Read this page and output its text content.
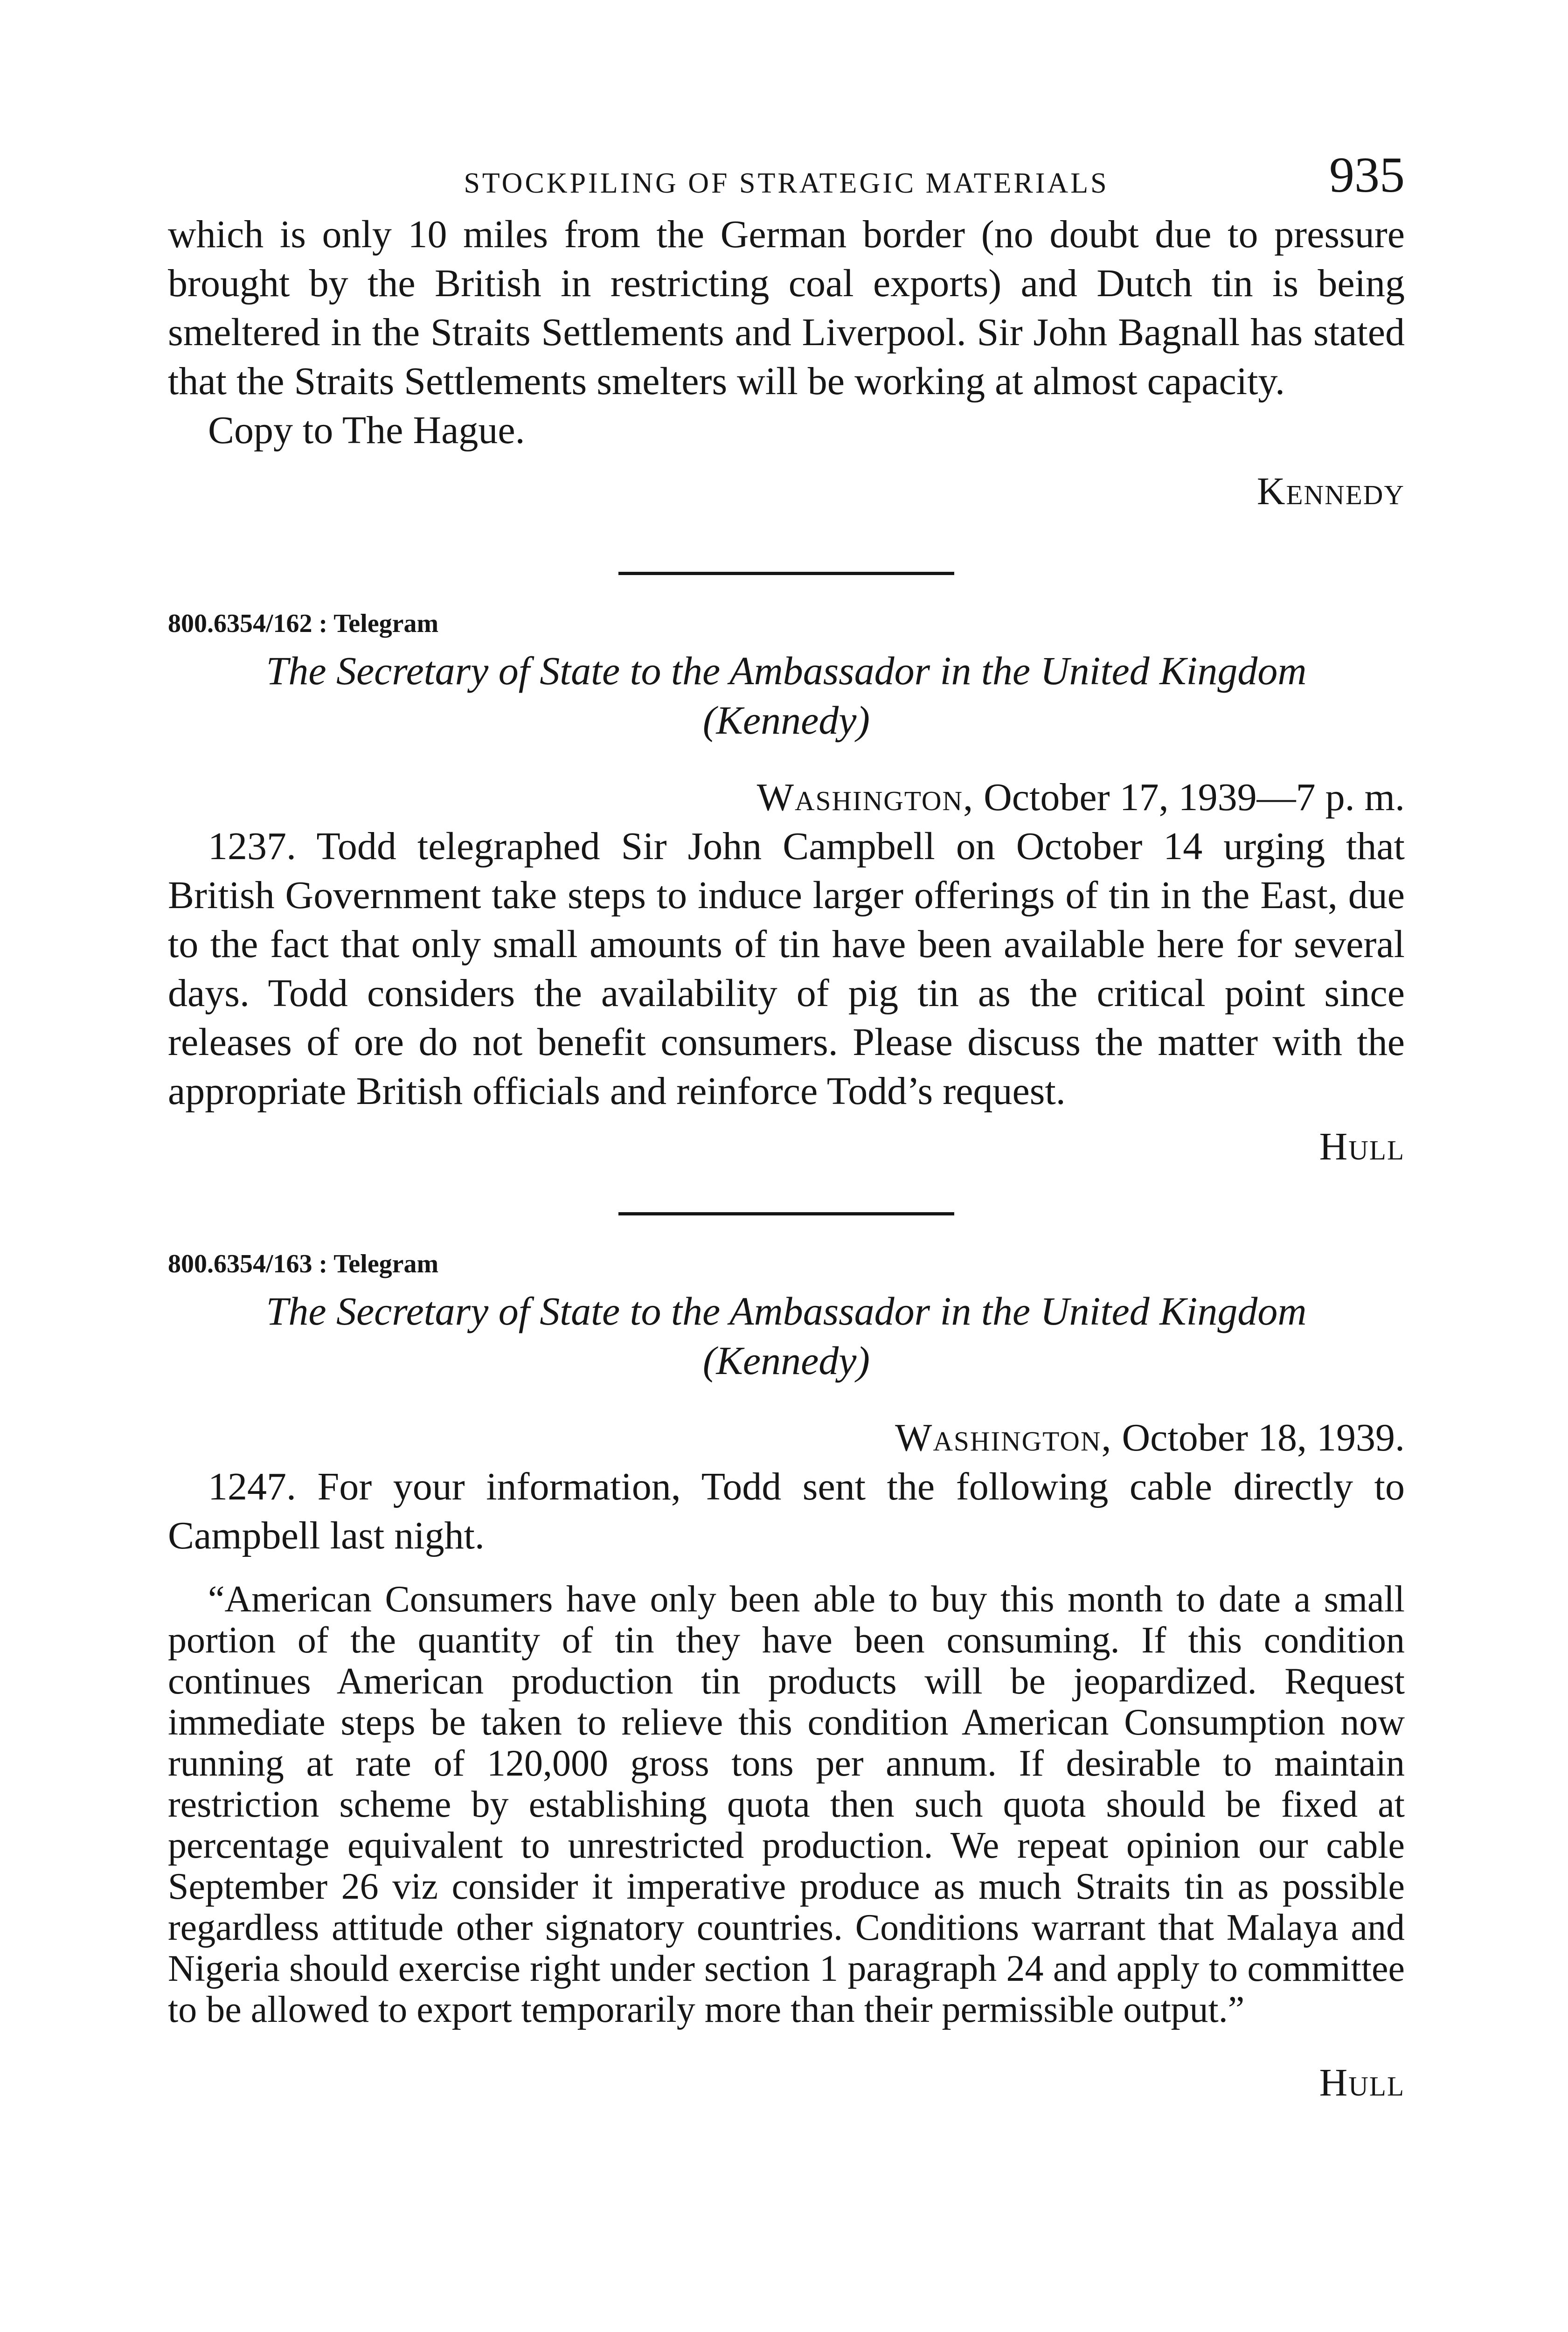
STOCKPILING OF STRATEGIC MATERIALS	935

which is only 10 miles from the German border (no doubt due to pressure brought by the British in restricting coal exports) and Dutch tin is being smeltered in the Straits Settlements and Liverpool. Sir John Bagnall has stated that the Straits Settlements smelters will be working at almost capacity.

Copy to The Hague.

Kennedy

800.6354/162 : Telegram

The Secretary of State to the Ambassador in the United Kingdom

(Kennedy)

Washington, October 17, 1939—7 p. m.

1237. Todd telegraphed Sir John Campbell on October 14 urging that British Government take steps to induce larger offerings of tin in the East, due to the fact that only small amounts of tin have been available here for several days. Todd considers the availability of pig tin as the critical point since releases of ore do not benefit consumers. Please discuss the matter with the appropriate British officials and reinforce Todd’s request.

Hull

800.6354/163 : Telegram

The Secretary of State to the Ambassador in the United Kingdom

(Kennedy)

Washington, October 18, 1939.

1247. For your information, Todd sent the following cable directly to Campbell last night.

“American Consumers have only been able to buy this month to date a small portion of the quantity of tin they have been consuming. If this condition continues American production tin products will be jeopardized. Request immediate steps be taken to relieve this condition American Consumption now running at rate of 120,000 gross tons per annum. If desirable to maintain restriction scheme by establishing quota then such quota should be fixed at percentage equivalent to unrestricted production. We repeat opinion our cable September 26 viz consider it imperative produce as much Straits tin as possible regardless attitude other signatory countries. Conditions warrant that Malaya and Nigeria should exercise right under section 1 paragraph 24 and apply to committee to be allowed to export temporarily more than their permissible output.”

Hull
